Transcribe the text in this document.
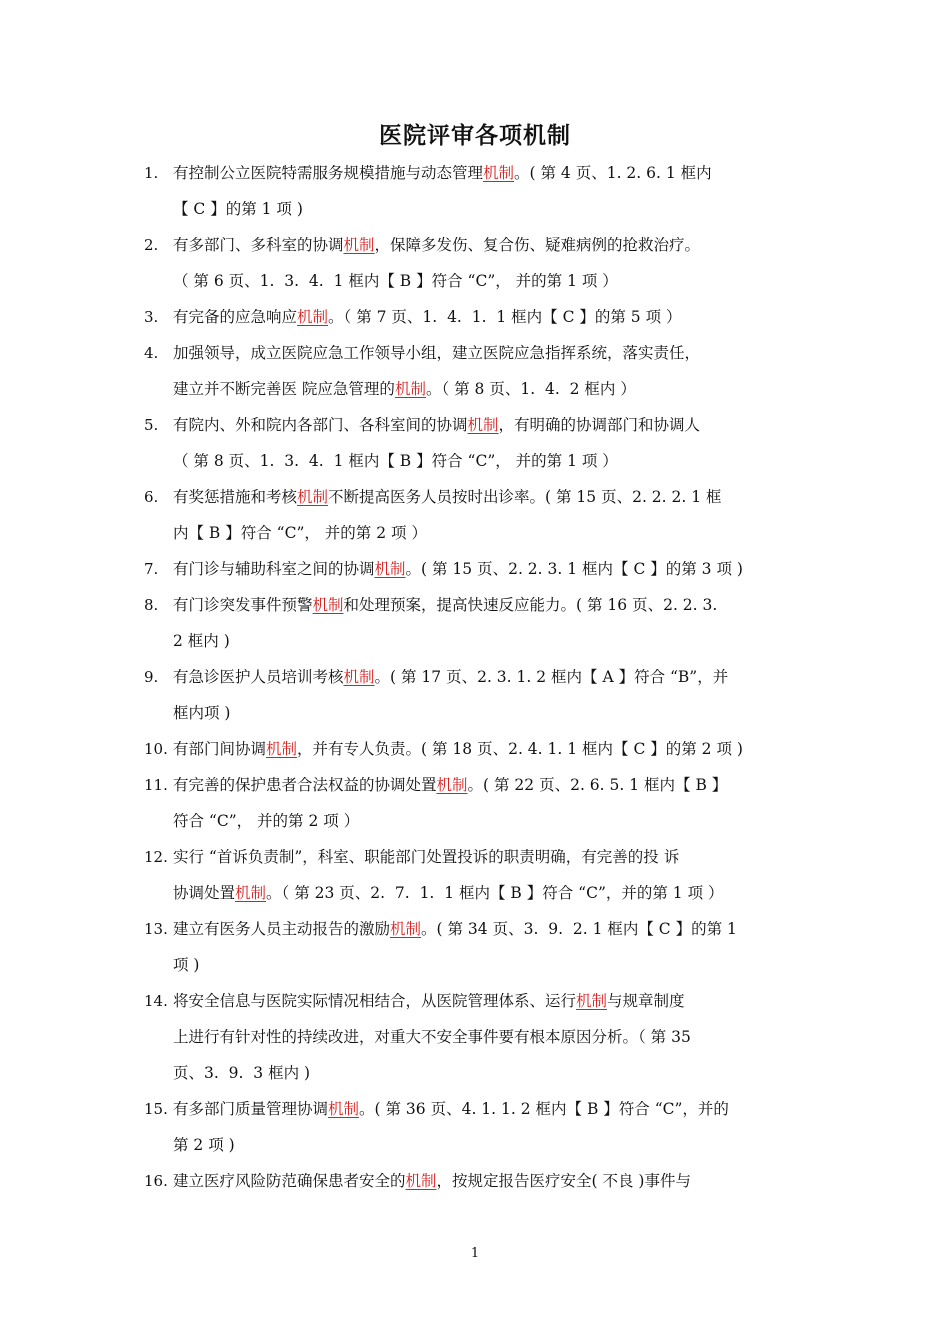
医院评审各项机制
1. 有控制公立医院特需服务规模措施与动态管理机制。( 第 4 页、1. 2. 6. 1 框内
【 C 】的第 1 项 )
2. 有多部门、多科室的协调机制，保障多发伤、复合伤、疑难病例的抢救治疗。
（ 第 6 页、1.  3.  4.  1 框内【 B 】符合 “C”， 并的第 1 项 ）
3. 有完备的应急响应机制。（ 第 7 页、1.  4.  1.  1 框内【 C 】的第 5 项 ）
4. 加强领导，成立医院应急工作领导小组，建立医院应急指挥系统，落实责任，
建立并不断完善医 院应急管理的机制。（ 第 8 页、1.  4.  2 框内 ）
5. 有院内、外和院内各部门、各科室间的协调机制，有明确的协调部门和协调人
（ 第 8 页、1.  3.  4.  1 框内【 B 】符合 “C”， 并的第 1 项 ）
6. 有奖惩措施和考核机制不断提高医务人员按时出诊率。( 第 15 页、2. 2. 2. 1 框
内【 B 】符合 “C”， 并的第 2 项 ）
7. 有门诊与辅助科室之间的协调机制。( 第 15 页、2. 2. 3. 1 框内【 C 】的第 3 项 )
8. 有门诊突发事件预警机制和处理预案，提高快速反应能力。( 第 16 页、2. 2. 3.
2 框内 )
9. 有急诊医护人员培训考核机制。( 第 17 页、2. 3. 1. 2 框内【 A 】符合 “B”，并
框内项 )
10. 有部门间协调机制，并有专人负责。( 第 18 页、2. 4. 1. 1 框内【 C 】的第 2 项 )
11. 有完善的保护患者合法权益的协调处置机制。( 第 22 页、2. 6. 5. 1 框内【 B 】
符合 “C”， 并的第 2 项 ）
12. 实行 “首诉负责制”，科室、职能部门处置投诉的职责明确，有完善的投 诉
协调处置机制。（ 第 23 页、2.  7.  1.  1 框内【 B 】符合 “C”，并的第 1 项 ）
13. 建立有医务人员主动报告的激励机制。( 第 34 页、3.  9.  2. 1 框内【 C 】的第 1
项 )
14. 将安全信息与医院实际情况相结合，从医院管理体系、运行机制与规章制度
上进行有针对性的持续改进，对重大不安全事件要有根本原因分析。（ 第 35
页、3.  9.  3 框内 )
15. 有多部门质量管理协调机制。( 第 36 页、4. 1. 1. 2 框内【 B 】符合 “C”，并的
第 2 项 )
16. 建立医疗风险防范确保患者安全的机制，按规定报告医疗安全( 不良 )事件与
1
